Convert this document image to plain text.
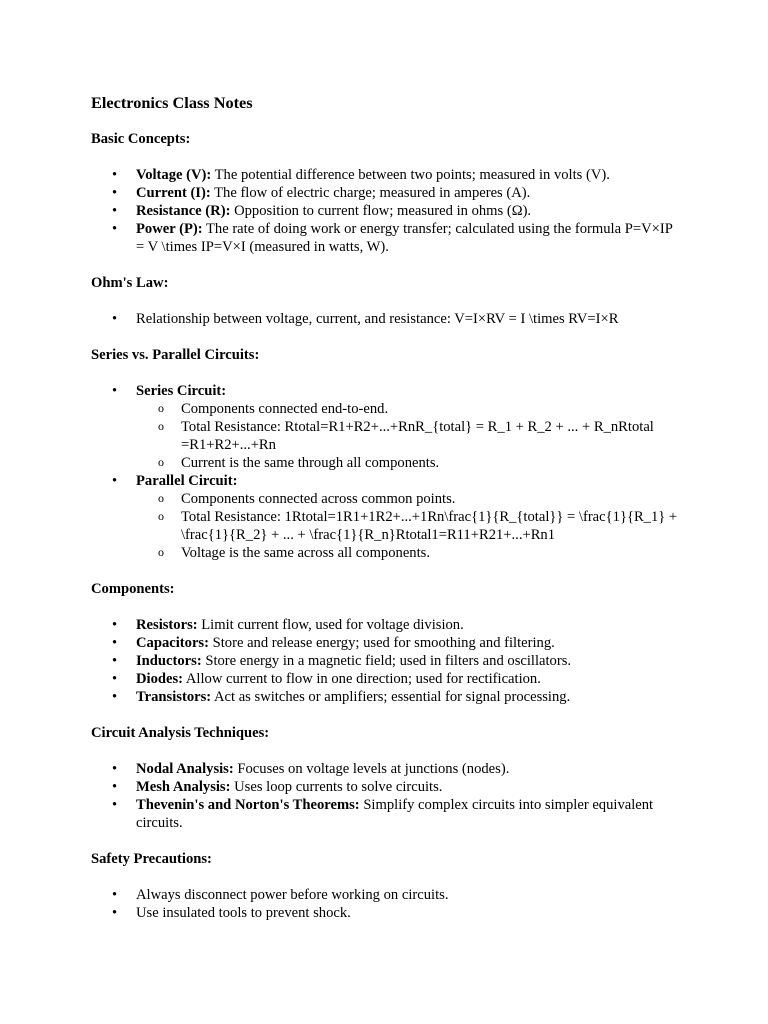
Electronics Class Notes
Basic Concepts:
• Voltage (V): The potential difference between two points; measured in volts (V).
• Current (I): The flow of electric charge; measured in amperes (A).
• Resistance (R): Opposition to current flow; measured in ohms (Ω).
• Power (P): The rate of doing work or energy transfer; calculated using the formula P=V×IP = V \times IP=V×I (measured in watts, W).
Ohm's Law:
• Relationship between voltage, current, and resistance: V=I×RV = I \times RV=I×R
Series vs. Parallel Circuits:
• Series Circuit:
o Components connected end-to-end.
o Total Resistance: Rtotal=R1+R2+...+RnR_{total} = R_1 + R_2 + ... + R_nRtotal =R1+R2+...+Rn
o Current is the same through all components.
• Parallel Circuit:
o Components connected across common points.
o Total Resistance: 1Rtotal=1R1+1R2+...+1Rn\frac{1}{R_{total}} = \frac{1}{R_1} + \frac{1}{R_2} + ... + \frac{1}{R_n}Rtotal1=R11+R21+...+Rn1
o Voltage is the same across all components.
Components:
• Resistors: Limit current flow, used for voltage division.
• Capacitors: Store and release energy; used for smoothing and filtering.
• Inductors: Store energy in a magnetic field; used in filters and oscillators.
• Diodes: Allow current to flow in one direction; used for rectification.
• Transistors: Act as switches or amplifiers; essential for signal processing.
Circuit Analysis Techniques:
• Nodal Analysis: Focuses on voltage levels at junctions (nodes).
• Mesh Analysis: Uses loop currents to solve circuits.
• Thevenin's and Norton's Theorems: Simplify complex circuits into simpler equivalent circuits.
Safety Precautions:
• Always disconnect power before working on circuits.
• Use insulated tools to prevent shock.
